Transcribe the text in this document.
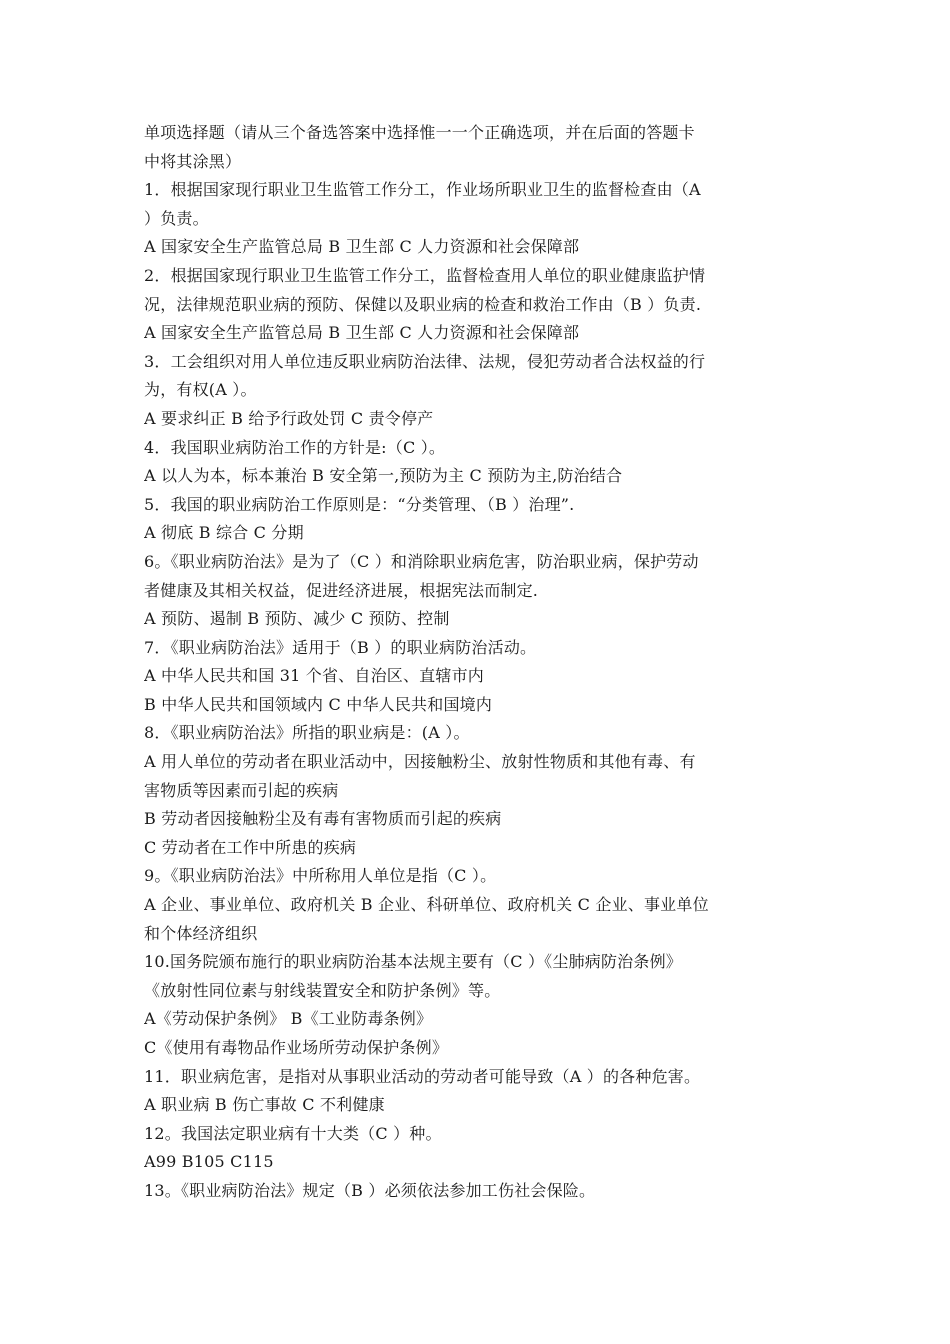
单项选择题（请从三个备选答案中选择惟一一个正确选项，并在后面的答题卡
中将其涂黑）
1．根据国家现行职业卫生监管工作分工，作业场所职业卫生的监督检查由（A
）负责。
A 国家安全生产监管总局 B 卫生部 C 人力资源和社会保障部
2．根据国家现行职业卫生监管工作分工，监督检查用人单位的职业健康监护情
况，法律规范职业病的预防、保健以及职业病的检查和救治工作由（B ）负责.
A 国家安全生产监管总局 B 卫生部 C 人力资源和社会保障部
3．工会组织对用人单位违反职业病防治法律、法规，侵犯劳动者合法权益的行
为，有权(A ）。
A 要求纠正 B 给予行政处罚 C 责令停产
4．我国职业病防治工作的方针是:（C ）。
A 以人为本，标本兼治 B 安全第一,预防为主 C 预防为主,防治结合
5．我国的职业病防治工作原则是：“分类管理、（B ）治理”.
A 彻底 B 综合 C 分期
6。《职业病防治法》是为了（C ）和消除职业病危害，防治职业病，保护劳动
者健康及其相关权益，促进经济进展，根据宪法而制定.
A 预防、遏制 B 预防、减少 C 预防、控制
7．《职业病防治法》适用于（B ）的职业病防治活动。
A 中华人民共和国 31 个省、自治区、直辖市内
B 中华人民共和国领域内 C 中华人民共和国境内
8．《职业病防治法》所指的职业病是：(A ）。
A 用人单位的劳动者在职业活动中，因接触粉尘、放射性物质和其他有毒、有
害物质等因素而引起的疾病
B 劳动者因接触粉尘及有毒有害物质而引起的疾病
C 劳动者在工作中所患的疾病
9。《职业病防治法》中所称用人单位是指（C ）。
A 企业、事业单位、政府机关 B 企业、科研单位、政府机关 C 企业、事业单位
和个体经济组织
10.国务院颁布施行的职业病防治基本法规主要有（C ）《尘肺病防治条例》
《放射性同位素与射线装置安全和防护条例》等。
A《劳动保护条例》 B《工业防毒条例》
C《使用有毒物品作业场所劳动保护条例》
11．职业病危害，是指对从事职业活动的劳动者可能导致（A ）的各种危害。
A 职业病 B 伤亡事故 C 不利健康
12。我国法定职业病有十大类（C ）种。
A99 B105 C115
13。《职业病防治法》规定（B ）必须依法参加工伤社会保险。
